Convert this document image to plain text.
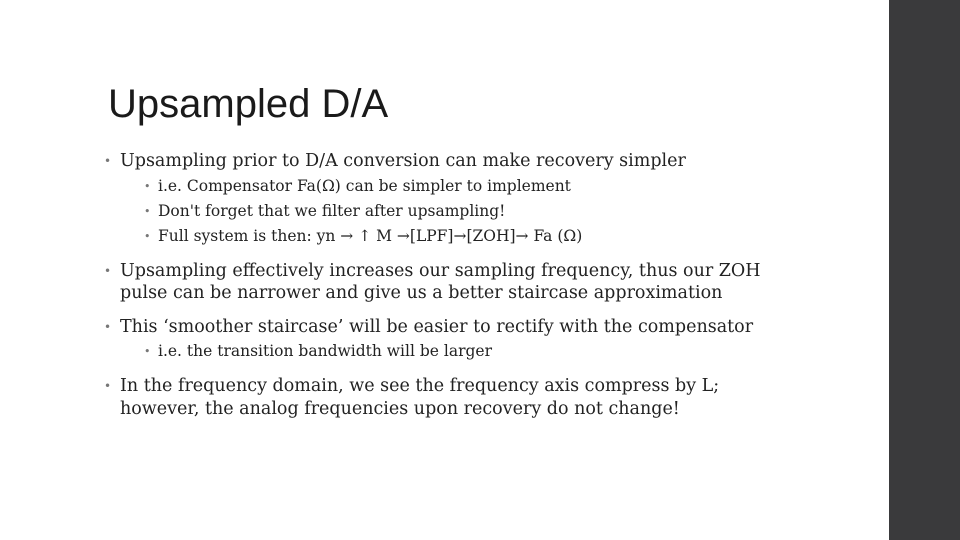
Upsampled D/A
• Upsampling prior to D/A conversion can make recovery simpler
• i.e. Compensator Fa(Ω) can be simpler to implement
• Don't forget that we filter after upsampling!
• Full system is then: yn → ↑ M →[LPF]→[ZOH]→ Fa (Ω)
• Upsampling effectively increases our sampling frequency, thus our ZOH pulse can be narrower and give us a better staircase approximation
• This ‘smoother staircase’ will be easier to rectify with the compensator
• i.e. the transition bandwidth will be larger
• In the frequency domain, we see the frequency axis compress by L; however, the analog frequencies upon recovery do not change!
